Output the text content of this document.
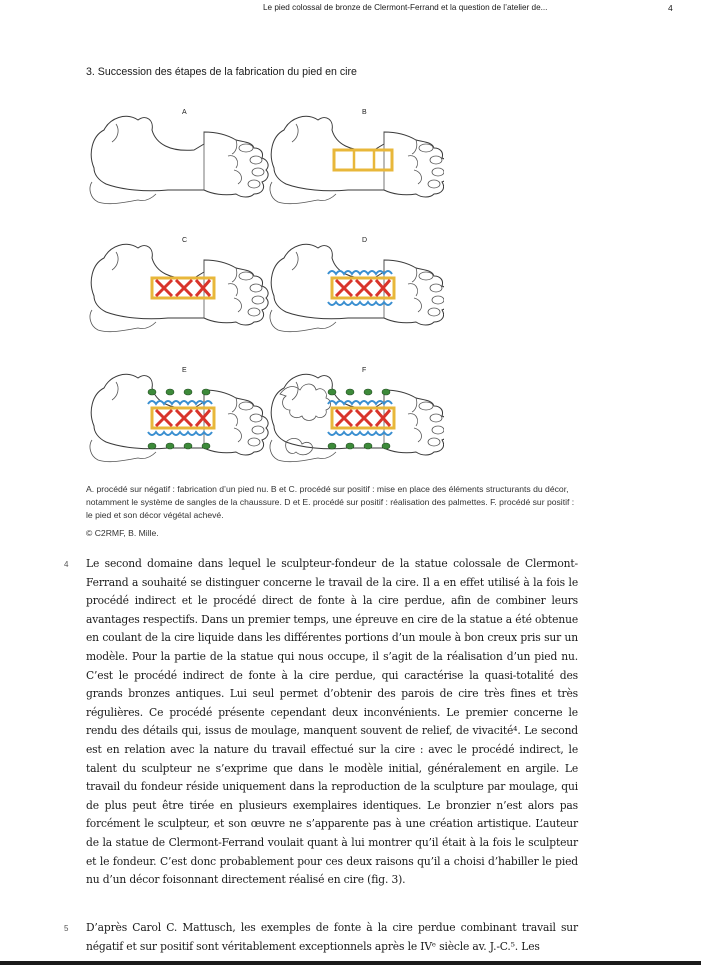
Le pied colossal de bronze de Clermont-Ferrand et la question de l’atelier de...	4
3. Succession des étapes de la fabrication du pied en cire
A	B
C	D
E	F
A. procédé sur négatif : fabrication d’un pied nu. B et C. procédé sur positif : mise en place des éléments structurants du décor, notamment le système de sangles de la chaussure. D et E. procédé sur positif : réalisation des palmettes. F. procédé sur positif : le pied et son décor végétal achevé.
© C2RMF, B. Mille.
4 Le second domaine dans lequel le sculpteur-fondeur de la statue colossale de Clermont-Ferrand a souhaité se distinguer concerne le travail de la cire. Il a en effet utilisé à la fois le procédé indirect et le procédé direct de fonte à la cire perdue, afin de combiner leurs avantages respectifs. Dans un premier temps, une épreuve en cire de la statue a été obtenue en coulant de la cire liquide dans les différentes portions d’un moule à bon creux pris sur un modèle. Pour la partie de la statue qui nous occupe, il s’agit de la réalisation d’un pied nu. C’est le procédé indirect de fonte à la cire perdue, qui caractérise la quasi-totalité des grands bronzes antiques. Lui seul permet d’obtenir des parois de cire très fines et très régulières. Ce procédé présente cependant deux inconvénients. Le premier concerne le rendu des détails qui, issus de moulage, manquent souvent de relief, de vivacité⁴. Le second est en relation avec la nature du travail effectué sur la cire : avec le procédé indirect, le talent du sculpteur ne s’exprime que dans le modèle initial, généralement en argile. Le travail du fondeur réside uniquement dans la reproduction de la sculpture par moulage, qui de plus peut être tirée en plusieurs exemplaires identiques. Le bronzier n’est alors pas forcément le sculpteur, et son œuvre ne s’apparente pas à une création artistique. L’auteur de la statue de Clermont-Ferrand voulait quant à lui montrer qu’il était à la fois le sculpteur et le fondeur. C’est donc probablement pour ces deux raisons qu’il a choisi d’habiller le pied nu d’un décor foisonnant directement réalisé en cire (fig. 3).

5 D’après Carol C. Mattusch, les exemples de fonte à la cire perdue combinant travail sur négatif et sur positif sont véritablement exceptionnels après le IVᵉ siècle av. J.-C.⁵. Les
